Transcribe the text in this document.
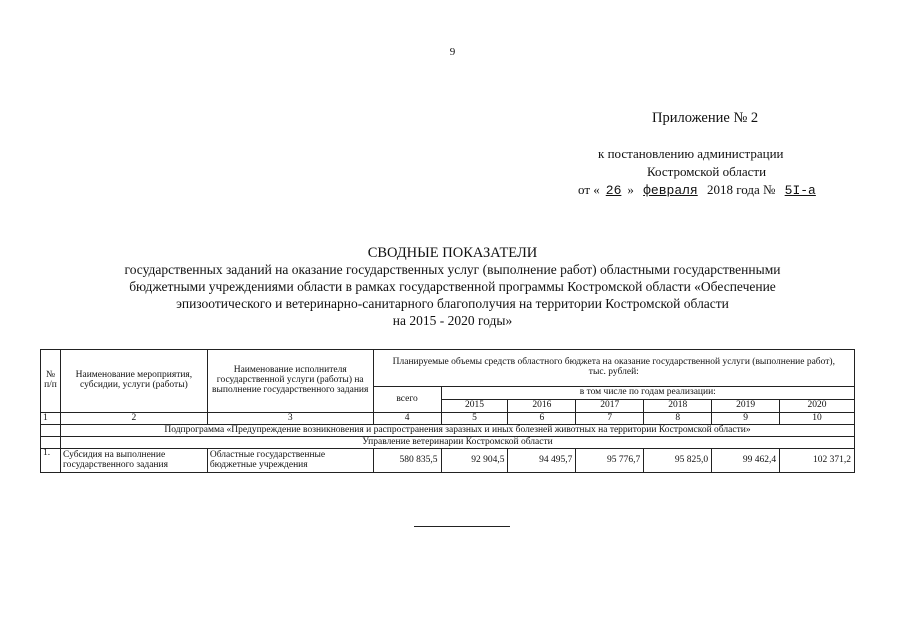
9
Приложение № 2
к постановлению администрации
Костромской области
от « 26 » февраля 2018 года № 5I-а
СВОДНЫЕ ПОКАЗАТЕЛИ
государственных заданий на оказание государственных услуг (выполнение работ) областными государственными
бюджетными учреждениями области в рамках государственной программы Костромской области «Обеспечение
эпизоотического и ветеринарно-санитарного благополучия на территории Костромской области
на 2015 - 2020 годы»
№ п/п	Наименование мероприятия, субсидии, услуги (работы)	Наименование исполнителя государственной услуги (работы) на выполнение государственного задания	Планируемые объемы средств областного бюджета на оказание государственной услуги (выполнение работ),
тыс. рублей:						
			всего	в том числе по годам реализации:					
				2015	2016	2017	2018	2019	2020
1	2	3	4	5	6	7	8	9	10
	Подпрограмма «Предупреждение возникновения и распространения заразных и иных болезней животных на территории Костромской области»								
	Управление ветеринарии Костромской области								
1.	Субсидия на выполнение государственного задания	Областные государственные бюджетные учреждения	580 835,5	92 904,5	94 495,7	95 776,7	95 825,0	99 462,4	102 371,2
